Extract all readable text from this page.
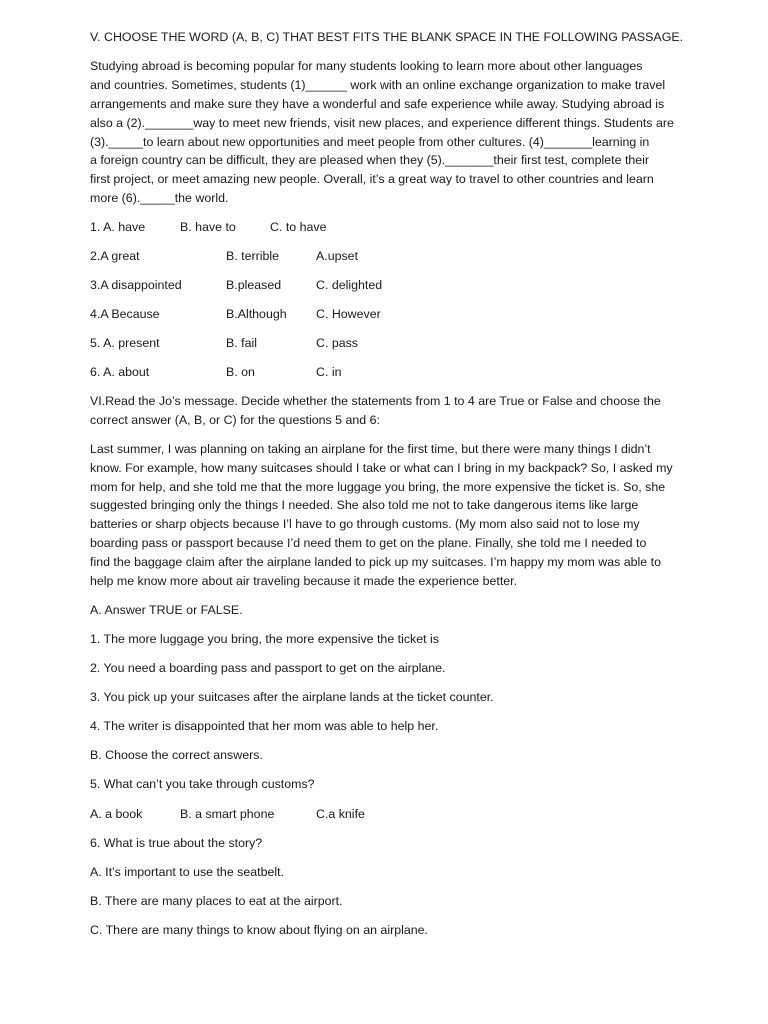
V. CHOOSE THE WORD (A, B, C) THAT BEST FITS THE BLANK SPACE IN THE FOLLOWING PASSAGE.
Studying abroad is becoming popular for many students looking to learn more about other languages
and countries. Sometimes, students (1)______ work with an online exchange organization to make travel
arrangements and make sure they have a wonderful and safe experience while away. Studying abroad is
also a (2)._______way to meet new friends, visit new places, and experience different things. Students are
(3)._____to learn about new opportunities and meet people from other cultures. (4)_______learning in
a foreign country can be difficult, they are pleased when they (5)._______their first test, complete their
first project, or meet amazing new people. Overall, it’s a great way to travel to other countries and learn
more (6)._____the world.
1. A. have	B. have to	C. to have
2.A great	B. terrible	A.upset
3.A disappointed	B.pleased	C. delighted
4.A Because	B.Although C. However
5. A. present	B. fail	C. pass
6. A. about	B. on	C. in
VI.Read the Jo’s message. Decide whether the statements from 1 to 4 are True or False and choose the
correct answer (A, B, or C) for the questions 5 and 6:
Last summer, I was planning on taking an airplane for the first time, but there were many things I didn’t
know. For example, how many suitcases should I take or what can I bring in my backpack? So, I asked my
mom for help, and she told me that the more luggage you bring, the more expensive the ticket is. So, she
suggested bringing only the things I needed. She also told me not to take dangerous items like large
batteries or sharp objects because I’l have to go through customs. (My mom also said not to lose my
boarding pass or passport because I’d need them to get on the plane. Finally, she told me I needed to
find the baggage claim after the airplane landed to pick up my suitcases. I’m happy my mom was able to
help me know more about air traveling because it made the experience better.
A. Answer TRUE or FALSE.
1. The more luggage you bring, the more expensive the ticket is
2. You need a boarding pass and passport to get on the airplane.
3. You pick up your suitcases after the airplane lands at the ticket counter.
4. The writer is disappointed that her mom was able to help her.
B. Choose the correct answers.
5. What can’t you take through customs?
A. a book	B. a smart phone	C.a knife
6. What is true about the story?
A. It’s important to use the seatbelt.
B. There are many places to eat at the airport.
C. There are many things to know about flying on an airplane.
